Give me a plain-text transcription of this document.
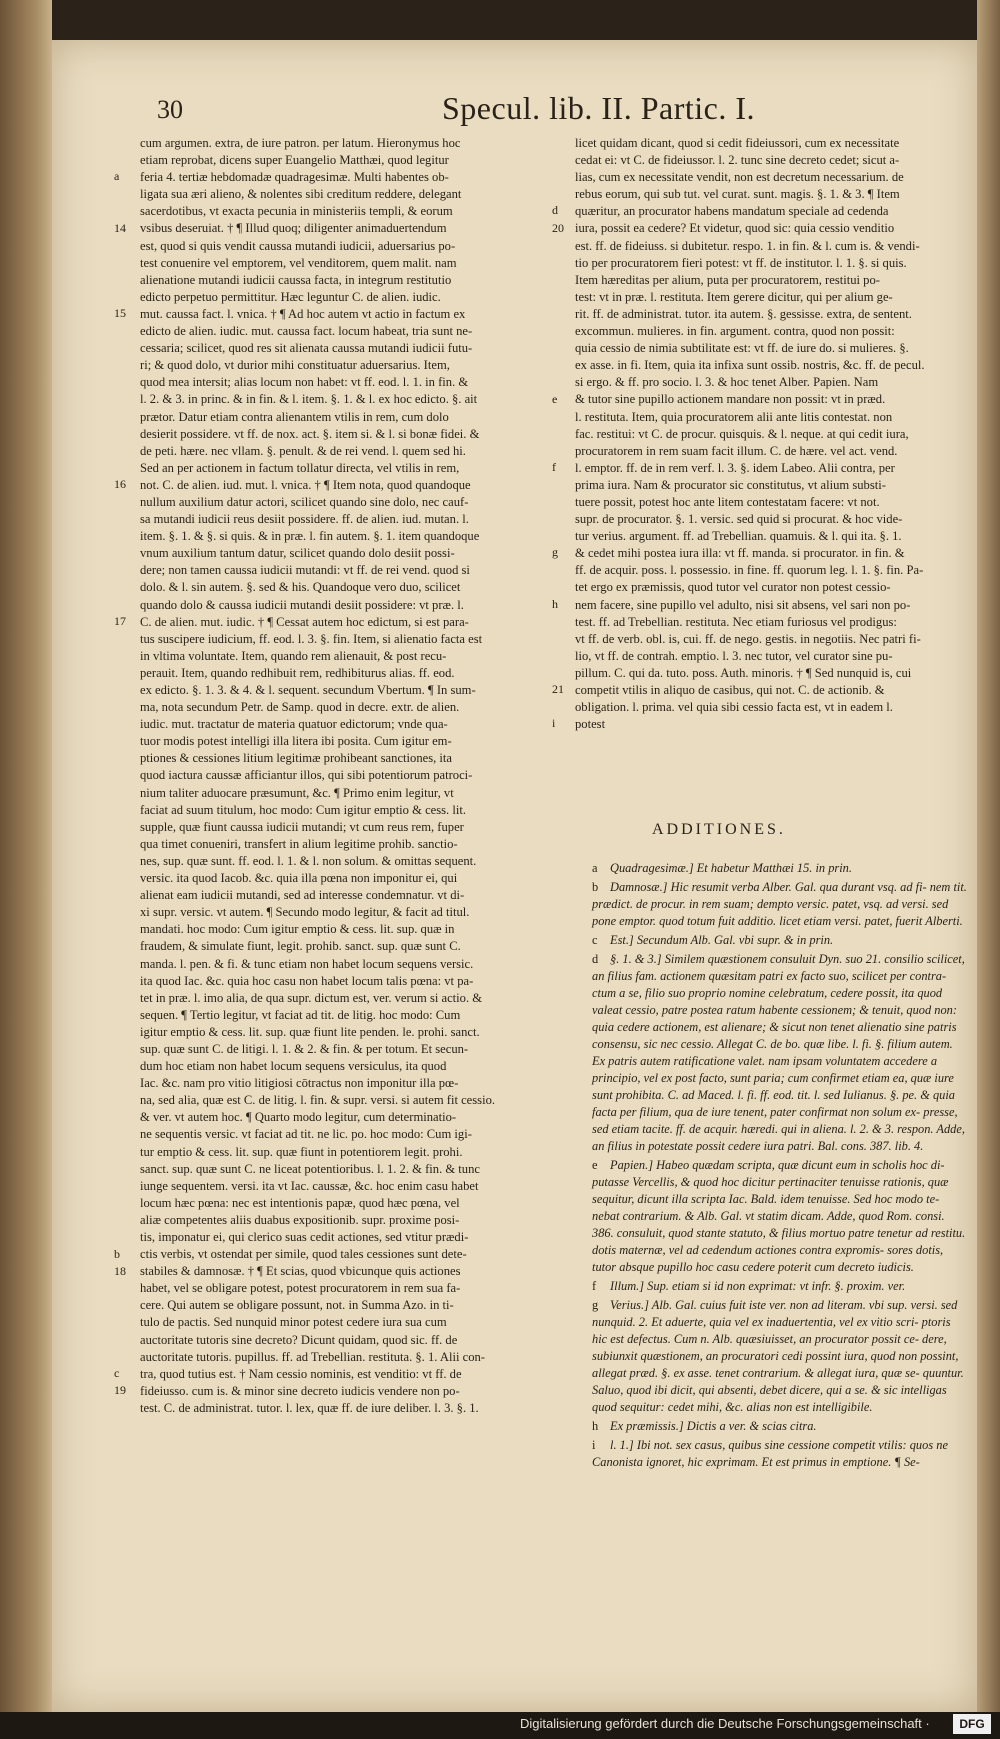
30	Specul. lib. II. Partic. I.
cum argumen. extra, de iure patron. per latum. Hieronymus hoc
etiam reprobat, dicens super Euangelio Matthæi, quod legitur
feria 4. tertiæ hebdomadæ quadragesimæ. Multi habentes ob-
ligata sua æri alieno, & nolentes sibi creditum reddere, delegant
sacerdotibus, vt exacta pecunia in ministeriis templi, & eorum
vsibus deseruiat. † ¶ Illud quoq; diligenter animaduertendum
est, quod si quis vendit caussa mutandi iudicii, aduersarius po-
test conuenire vel emptorem, vel venditorem, quem malit. nam
alienatione mutandi iudicii caussa facta, in integrum restitutio
edicto perpetuo permittitur. Hæc leguntur C. de alien. iudic.
mut. caussa fact. l. vnica. † ¶ Ad hoc autem vt actio in factum ex
edicto de alien. iudic. mut. caussa fact. locum habeat, tria sunt ne-
cessaria; scilicet, quod res sit alienata caussa mutandi iudicii futu-
ri; & quod dolo, vt durior mihi constituatur aduersarius. Item,
quod mea intersit; alias locum non habet: vt ff. eod. l. 1. in fin. &
l. 2. & 3. in princ. & in fin. & l. item. §. 1. & l. ex hoc edicto. §. ait
prætor. Datur etiam contra alienantem vtilis in rem, cum dolo
desierit possidere. vt ff. de nox. act. §. item si. & l. si bonæ fidei. &
de peti. hære. nec vllam. §. penult. & de rei vend. l. quem sed hi.
Sed an per actionem in factum tollatur directa, vel vtilis in rem,
not. C. de alien. iud. mut. l. vnica. † ¶ Item nota, quod quandoque
nullum auxilium datur actori, scilicet quando sine dolo, nec cauf-
sa mutandi iudicii reus desiit possidere. ff. de alien. iud. mutan. l.
item. §. 1. & §. si quis. & in præ. l. fin autem. §. 1. item quandoque
vnum auxilium tantum datur, scilicet quando dolo desiit possi-
dere; non tamen caussa iudicii mutandi: vt ff. de rei vend. quod si
dolo. & l. sin autem. §. sed & his. Quandoque vero duo, scilicet
quando dolo & caussa iudicii mutandi desiit possidere: vt præ. l.
C. de alien. mut. iudic. † ¶ Cessat autem hoc edictum, si est para-
tus suscipere iudicium, ff. eod. l. 3. §. fin. Item, si alienatio facta est
in vltima voluntate. Item, quando rem alienauit, & post recu-
perauit. Item, quando redhibuit rem, redhibiturus alias. ff. eod.
ex edicto. §. 1. 3. & 4. & l. sequent. secundum Vbertum. ¶ In sum-
ma, nota secundum Petr. de Samp. quod in decre. extr. de alien.
iudic. mut. tractatur de materia quatuor edictorum; vnde qua-
tuor modis potest intelligi illa litera ibi posita. Cum igitur em-
ptiones & cessiones litium legitimæ prohibeant sanctiones, ita
quod iactura caussæ afficiantur illos, qui sibi potentiorum patroci-
nium taliter aduocare præsumunt, &c. ¶ Primo enim legitur, vt
faciat ad suum titulum, hoc modo: Cum igitur emptio & cess. lit.
supple, quæ fiunt caussa iudicii mutandi; vt cum reus rem, fuper
qua timet conueniri, transfert in alium legitime prohib. sanctio-
nes, sup. quæ sunt. ff. eod. l. 1. & l. non solum. & omittas sequent.
versic. ita quod Iacob. &c. quia illa pœna non imponitur ei, qui
alienat eam iudicii mutandi, sed ad interesse condemnatur. vt di-
xi supr. versic. vt autem. ¶ Secundo modo legitur, & facit ad titul.
mandati. hoc modo: Cum igitur emptio & cess. lit. sup. quæ in
fraudem, & simulate fiunt, legit. prohib. sanct. sup. quæ sunt C.
manda. l. pen. & fi. & tunc etiam non habet locum sequens versic.
ita quod Iac. &c. quia hoc casu non habet locum talis pœna: vt pa-
tet in præ. l. imo alia, de qua supr. dictum est, ver. verum si actio. &
sequen. ¶ Tertio legitur, vt faciat ad tit. de litig. hoc modo: Cum
igitur emptio & cess. lit. sup. quæ fiunt lite penden. le. prohi. sanct.
sup. quæ sunt C. de litigi. l. 1. & 2. & fin. & per totum. Et secun-
dum hoc etiam non habet locum sequens versiculus, ita quod
Iac. &c. nam pro vitio litigiosi cōtractus non imponitur illa pœ-
na, sed alia, quæ est C. de litig. l. fin. & supr. versi. si autem fit cessio.
& ver. vt autem hoc. ¶ Quarto modo legitur, cum determinatio-
ne sequentis versic. vt faciat ad tit. ne lic. po. hoc modo: Cum igi-
tur emptio & cess. lit. sup. quæ fiunt in potentiorem legit. prohi.
sanct. sup. quæ sunt C. ne liceat potentioribus. l. 1. 2. & fin. & tunc
iunge sequentem. versi. ita vt Iac. caussæ, &c. hoc enim casu habet
locum hæc pœna: nec est intentionis papæ, quod hæc pœna, vel
aliæ competentes aliis duabus expositionib. supr. proxime posi-
tis, imponatur ei, qui clerico suas cedit actiones, sed vtitur prædi-
ctis verbis, vt ostendat per simile, quod tales cessiones sunt dete-
stabiles & damnosæ. † ¶ Et scias, quod vbicunque quis actiones
habet, vel se obligare potest, potest procuratorem in rem sua fa-
cere. Qui autem se obligare possunt, not. in Summa Azo. in ti-
tulo de pactis. Sed nunquid minor potest cedere iura sua cum
auctoritate tutoris sine decreto? Dicunt quidam, quod sic. ff. de
auctoritate tutoris. pupillus. ff. ad Trebellian. restituta. §. 1. Alii con-
tra, quod tutius est. † Nam cessio nominis, est venditio: vt ff. de
fideiusso. cum is. & minor sine decreto iudicis vendere non po-
test. C. de administrat. tutor. l. lex, quæ ff. de iure deliber. l. 3. §. 1.
licet quidam dicant, quod si cedit fideiussori, cum ex necessitate
cedat ei: vt C. de fideiussor. l. 2. tunc sine decreto cedet; sicut a-
lias, cum ex necessitate vendit, non est decretum necessarium. de
rebus eorum, qui sub tut. vel curat. sunt. magis. §. 1. & 3. ¶ Item
quæritur, an procurator habens mandatum speciale ad cedenda
iura, possit ea cedere? Et videtur, quod sic: quia cessio venditio
est. ff. de fideiuss. si dubitetur. respo. 1. in fin. & l. cum is. & vendi-
tio per procuratorem fieri potest: vt ff. de institutor. l. 1. §. si quis.
Item hæreditas per alium, puta per procuratorem, restitui po-
test: vt in præ. l. restituta. Item gerere dicitur, qui per alium ge-
rit. ff. de administrat. tutor. ita autem. §. gessisse. extra, de sentent.
excommun. mulieres. in fin. argument. contra, quod non possit:
quia cessio de nimia subtilitate est: vt ff. de iure do. si mulieres. §.
ex asse. in fi. Item, quia ita infixa sunt ossib. nostris, &c. ff. de pecul.
si ergo. & ff. pro socio. l. 3. & hoc tenet Alber. Papien. Nam
& tutor sine pupillo actionem mandare non possit: vt in præd.
l. restituta. Item, quia procuratorem alii ante litis contestat. non
fac. restitui: vt C. de procur. quisquis. & l. neque. at qui cedit iura,
procuratorem in rem suam facit illum. C. de hære. vel act. vend.
l. emptor. ff. de in rem verf. l. 3. §. idem Labeo. Alii contra, per
prima iura. Nam & procurator sic constitutus, vt alium substi-
tuere possit, potest hoc ante litem contestatam facere: vt not.
supr. de procurator. §. 1. versic. sed quid si procurat. & hoc vide-
tur verius. argument. ff. ad Trebellian. quamuis. & l. qui ita. §. 1.
& cedet mihi postea iura illa: vt ff. manda. si procurator. in fin. &
ff. de acquir. poss. l. possessio. in fine. ff. quorum leg. l. 1. §. fin. Pa-
tet ergo ex præmissis, quod tutor vel curator non potest cessio-
nem facere, sine pupillo vel adulto, nisi sit absens, vel sari non po-
test. ff. ad Trebellian. restituta. Nec etiam furiosus vel prodigus:
vt ff. de verb. obl. is, cui. ff. de nego. gestis. in negotiis. Nec patri fi-
lio, vt ff. de contrah. emptio. l. 3. nec tutor, vel curator sine pu-
pillum. C. qui da. tuto. poss. Auth. minoris. † ¶ Sed nunquid is, cui
competit vtilis in aliquo de casibus, qui not. C. de actionib. &
obligation. l. prima. vel quia sibi cessio facta est, vt in eadem l.
potest
a
14
15
16
17
b
18
c
19
d
20
e
f
g
h
21
i
ADDITIONES.
a Quadragesimæ.] Et habetur Matthæi 15. in prin.
b Damnosæ.] Hic resumit verba Alber. Gal. qua durant vsq. ad fi- nem tit. prædict. de procur. in rem suam; dempto versic. patet, vsq. ad versi. sed pone emptor. quod totum fuit additio. licet etiam versi. patet, fuerit Alberti.
c Est.] Secundum Alb. Gal. vbi supr. & in prin.
d §. 1. & 3.] Similem quæstionem consuluit Dyn. suo 21. consilio scilicet, an filius fam. actionem quæsitam patri ex facto suo, scilicet per contra- ctum a se, filio suo proprio nomine celebratum, cedere possit, ita quod valeat cessio, patre postea ratum habente cessionem; & tenuit, quod non: quia cedere actionem, est alienare; & sicut non tenet alienatio sine patris consensu, sic nec cessio. Allegat C. de bo. quæ libe. l. fi. §. filium autem. Ex patris autem ratificatione valet. nam ipsam voluntatem accedere a principio, vel ex post facto, sunt paria; cum confirmet etiam ea, quæ iure sunt prohibita. C. ad Maced. l. fi. ff. eod. tit. l. sed Iulianus. §. pe. & quia facta per filium, qua de iure tenent, pater confirmat non solum ex- presse, sed etiam tacite. ff. de acquir. hæredi. qui in aliena. l. 2. & 3. respon. Adde, an filius in potestate possit cedere iura patri. Bal. cons. 387. lib. 4.
e Papien.] Habeo quædam scripta, quæ dicunt eum in scholis hoc di- putasse Vercellis, & quod hoc dicitur pertinaciter tenuisse rationis, quæ sequitur, dicunt illa scripta Iac. Bald. idem tenuisse. Sed hoc modo te- nebat contrarium. & Alb. Gal. vt statim dicam. Adde, quod Rom. consi. 386. consuluit, quod stante statuto, & filius mortuo patre tenetur ad restitu. dotis maternæ, vel ad cedendum actiones contra expromis- sores dotis, tutor absque pupillo hoc casu cedere poterit cum decreto iudicis.
f Illum.] Sup. etiam si id non exprimat: vt infr. §. proxim. ver.
g Verius.] Alb. Gal. cuius fuit iste ver. non ad literam. vbi sup. versi. sed nunquid. 2. Et aduerte, quia vel ex inaduertentia, vel ex vitio scri- ptoris hic est defectus. Cum n. Alb. quæsiuisset, an procurator possit ce- dere, subiunxit quæstionem, an procuratori cedi possint iura, quod non possint, allegat præd. §. ex asse. tenet contrarium. & allegat iura, quæ se- quuntur. Saluo, quod ibi dicit, qui absenti, debet dicere, qui a se. & sic intelligas quod sequitur: cedet mihi, &c. alias non est intelligibile.
h Ex præmissis.] Dictis a ver. & scias citra.
i l. 1.] Ibi not. sex casus, quibus sine cessione competit vtilis: quos ne Canonista ignoret, hic exprimam. Et est primus in emptione. ¶ Se-
Digitalisierung gefördert durch die Deutsche Forschungsgemeinschaft ·	DFG
